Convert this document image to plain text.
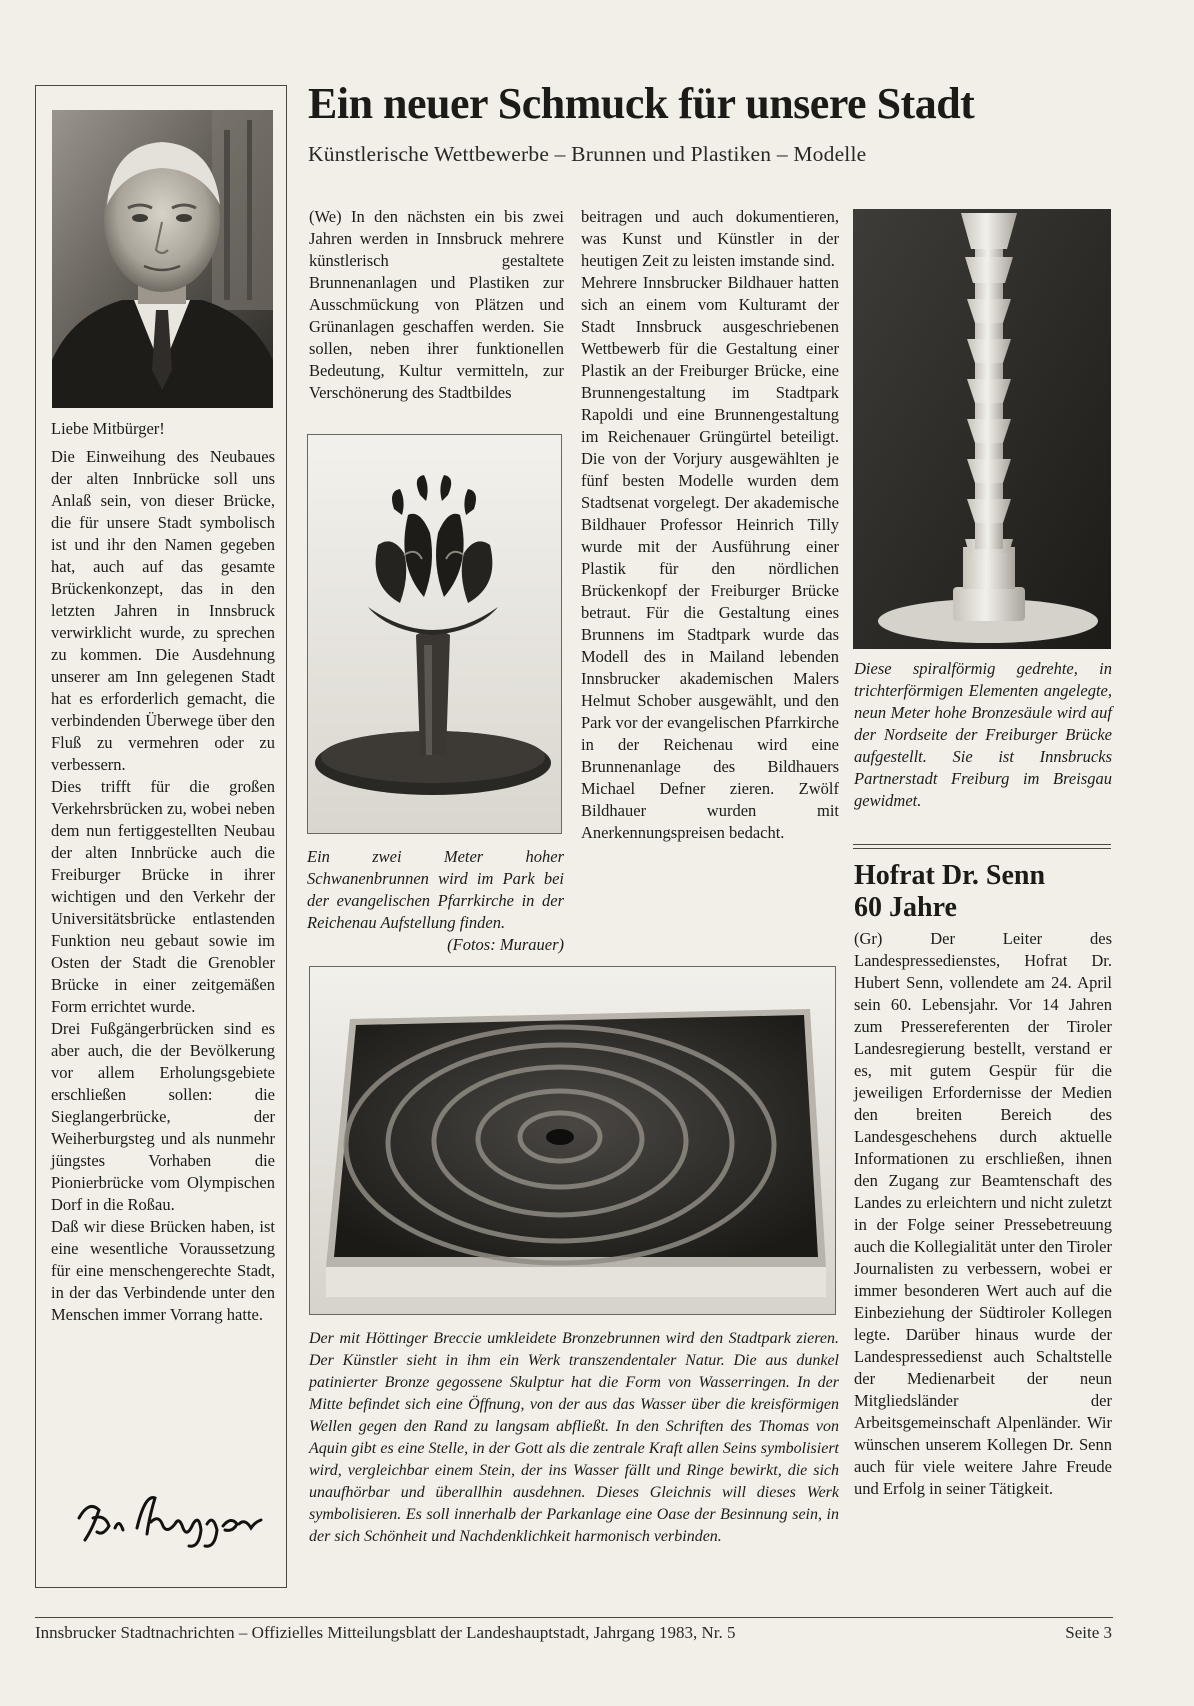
Liebe Mitbürger!

Die Einweihung des Neubaues der alten Innbrücke soll uns Anlaß sein, von dieser Brücke, die für unsere Stadt symbolisch ist und ihr den Namen gegeben hat, auch auf das gesamte Brückenkonzept, das in den letzten Jahren in Innsbruck verwirklicht wurde, zu sprechen zu kommen. Die Ausdehnung unserer am Inn gelegenen Stadt hat es erforderlich gemacht, die verbindenden Überwege über den Fluß zu vermehren oder zu verbessern.

Dies trifft für die großen Verkehrsbrücken zu, wobei neben dem nun fertiggestellten Neubau der alten Innbrücke auch die Freiburger Brücke in ihrer wichtigen und den Verkehr der Universitätsbrücke entlastenden Funktion neu gebaut sowie im Osten der Stadt die Grenobler Brücke in einer zeitgemäßen Form errichtet wurde.

Drei Fußgängerbrücken sind es aber auch, die der Bevölkerung vor allem Erholungsgebiete erschließen sollen: die Sieglangerbrücke, der Weiherburgsteg und als nunmehr jüngstes Vorhaben die Pionierbrücke vom Olympischen Dorf in die Roßau.

Daß wir diese Brücken haben, ist eine wesentliche Voraussetzung für eine menschengerechte Stadt, in der das Verbindende unter den Menschen immer Vorrang hatte.

Ein neuer Schmuck für unsere Stadt
Künstlerische Wettbewerbe – Brunnen und Plastiken – Modelle
(We) In den nächsten ein bis zwei Jahren werden in Innsbruck mehrere künstlerisch gestaltete Brunnenanlagen und Plastiken zur Ausschmückung von Plätzen und Grünanlagen geschaffen werden. Sie sollen, neben ihrer funktionellen Bedeutung, Kultur vermitteln, zur Verschönerung des Stadtbildes
Ein zwei Meter hoher Schwanenbrunnen wird im Park bei der evangelischen Pfarrkirche in der Reichenau Aufstellung finden.
(Fotos: Murauer)

beitragen und auch dokumentieren, was Kunst und Künstler in der heutigen Zeit zu leisten imstande sind.

Mehrere Innsbrucker Bildhauer hatten sich an einem vom Kulturamt der Stadt Innsbruck ausgeschriebenen Wettbewerb für die Gestaltung einer Plastik an der Freiburger Brücke, eine Brunnengestaltung im Stadtpark Rapoldi und eine Brunnengestaltung im Reichenauer Grüngürtel beteiligt. Die von der Vorjury ausgewählten je fünf besten Modelle wurden dem Stadtsenat vorgelegt. Der akademische Bildhauer Professor Heinrich Tilly wurde mit der Ausführung einer Plastik für den nördlichen Brückenkopf der Freiburger Brücke betraut. Für die Gestaltung eines Brunnens im Stadtpark wurde das Modell des in Mailand lebenden Innsbrucker akademischen Malers Helmut Schober ausgewählt, und den Park vor der evangelischen Pfarrkirche in der Reichenau wird eine Brunnenanlage des Bildhauers Michael Defner zieren. Zwölf Bildhauer wurden mit Anerkennungspreisen bedacht.

Diese spiralförmig gedrehte, in trichterförmigen Elementen angelegte, neun Meter hohe Bronzesäule wird auf der Nordseite der Freiburger Brücke aufgestellt. Sie ist Innsbrucks Partnerstadt Freiburg im Breisgau gewidmet.
Hofrat Dr. Senn
60 Jahre
(Gr) Der Leiter des Landespressedienstes, Hofrat Dr. Hubert Senn, vollendete am 24. April sein 60. Lebensjahr. Vor 14 Jahren zum Pressereferenten der Tiroler Landesregierung bestellt, verstand er es, mit gutem Gespür für die jeweiligen Erfordernisse der Medien den breiten Bereich des Landesgeschehens durch aktuelle Informationen zu erschließen, ihnen den Zugang zur Beamtenschaft des Landes zu erleichtern und nicht zuletzt in der Folge seiner Pressebetreuung auch die Kollegialität unter den Tiroler Journalisten zu verbessern, wobei er immer besonderen Wert auch auf die Einbeziehung der Südtiroler Kollegen legte. Darüber hinaus wurde der Landespressedienst auch Schaltstelle der Medienarbeit der neun Mitgliedsländer der Arbeitsgemeinschaft Alpenländer. Wir wünschen unserem Kollegen Dr. Senn auch für viele weitere Jahre Freude und Erfolg in seiner Tätigkeit.
Der mit Höttinger Breccie umkleidete Bronzebrunnen wird den Stadtpark zieren. Der Künstler sieht in ihm ein Werk transzendentaler Natur. Die aus dunkel patinierter Bronze gegossene Skulptur hat die Form von Wasserringen. In der Mitte befindet sich eine Öffnung, von der aus das Wasser über die kreisförmigen Wellen gegen den Rand zu langsam abfließt. In den Schriften des Thomas von Aquin gibt es eine Stelle, in der Gott als die zentrale Kraft allen Seins symbolisiert wird, vergleichbar einem Stein, der ins Wasser fällt und Ringe bewirkt, die sich unaufhörbar und überallhin ausdehnen. Dieses Gleichnis will dieses Werk symbolisieren. Es soll innerhalb der Parkanlage eine Oase der Besinnung sein, in der sich Schönheit und Nachdenklichkeit harmonisch verbinden.
Innsbrucker Stadtnachrichten – Offizielles Mitteilungsblatt der Landeshauptstadt, Jahrgang 1983, Nr. 5	Seite 3
